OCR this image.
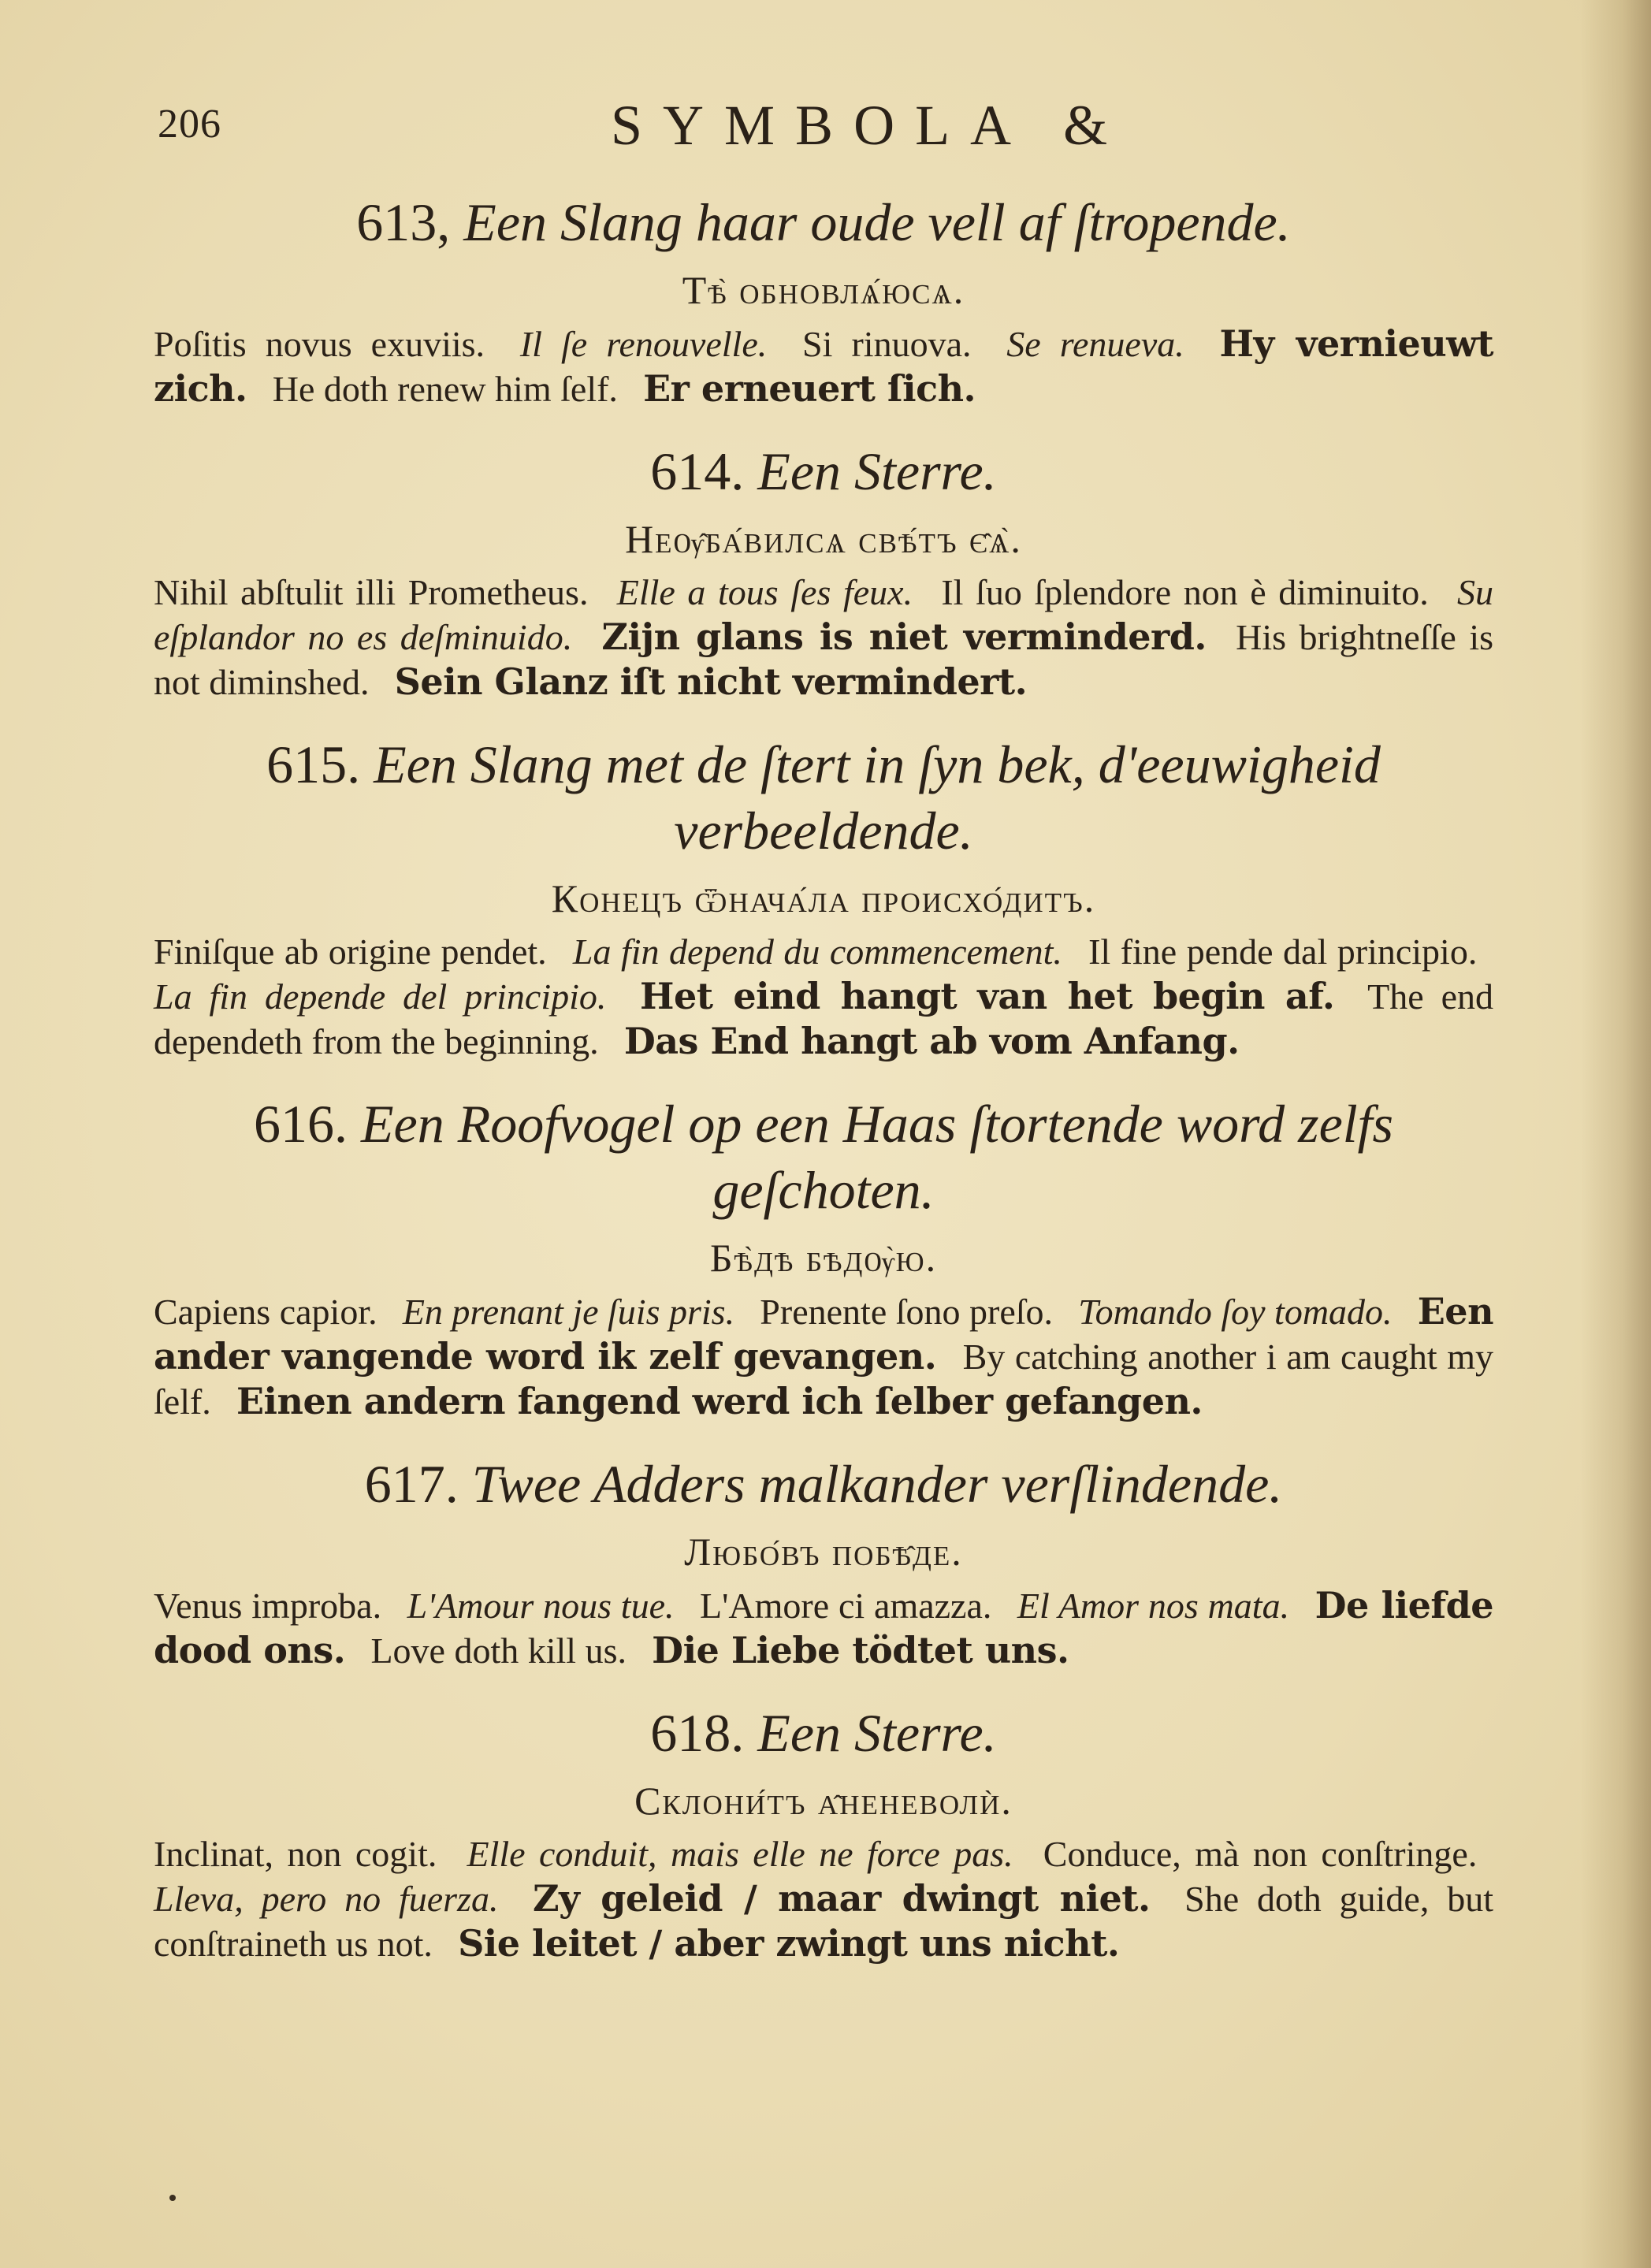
206	SYMBOLA &

613, Een Slang haar oude vell af ſtropende.

Тѣ̀ обновлѧ́юсѧ.

Poſitis novus exuviis. Il ſe renouvelle. Si rinuova. Se renueva. Hy vernieuwt zich. He doth renew him ſelf. Er erneuert ſich.

614. Een Sterre.

Неѹ̂ба́вилсѧ свѣ́тъ є̂ѧ̀.

Nihil abſtulit illi Prometheus. Elle a tous ſes feux. Il ſuo ſplendore non è diminuito. Su eſplandor no es deſminuido. Zijn glans is niet verminderd. His brightneſſe is not diminshed. Sein Glanz iſt nicht vermindert.

615. Een Slang met de ſtert in ſyn bek, d'eeuwigheid verbeeldende.

Конецъ ѿнача́ла происхо́дитъ.

Finiſque ab origine pendet. La fin depend du commencement. Il fine pende dal principio. La fin depende del principio. Het eind hangt van het begin af. The end dependeth from the beginning. Das End hangt ab vom Anfang.

616. Een Roofvogel op een Haas ſtortende word zelfs geſchoten.

Бѣ̀дѣ бѣдѹ̀ю.

Capiens capior. En prenant je ſuis pris. Prenente ſono preſo. Tomando ſoy tomado. Een ander vangende word ik zelf gevangen. By catching another i am caught my ſelf. Einen andern fangend werd ich ſelber gefangen.

617. Twee Adders malkander verſlindende.

Любо́въ побѣ̂де.

Venus improba. L'Amour nous tue. L'Amore ci amazza. El Amor nos mata. De liefde dood ons. Love doth kill us. Die Liebe tödtet uns.

618. Een Sterre.

Склони́тъ а̂неневолѝ.

Inclinat, non cogit. Elle conduit, mais elle ne force pas. Conduce, mà non conſtringe. Lleva, pero no fuerza. Zy geleid / maar dwingt niet. She doth guide, but conſtraineth us not. Sie leitet / aber zwingt uns nicht.
